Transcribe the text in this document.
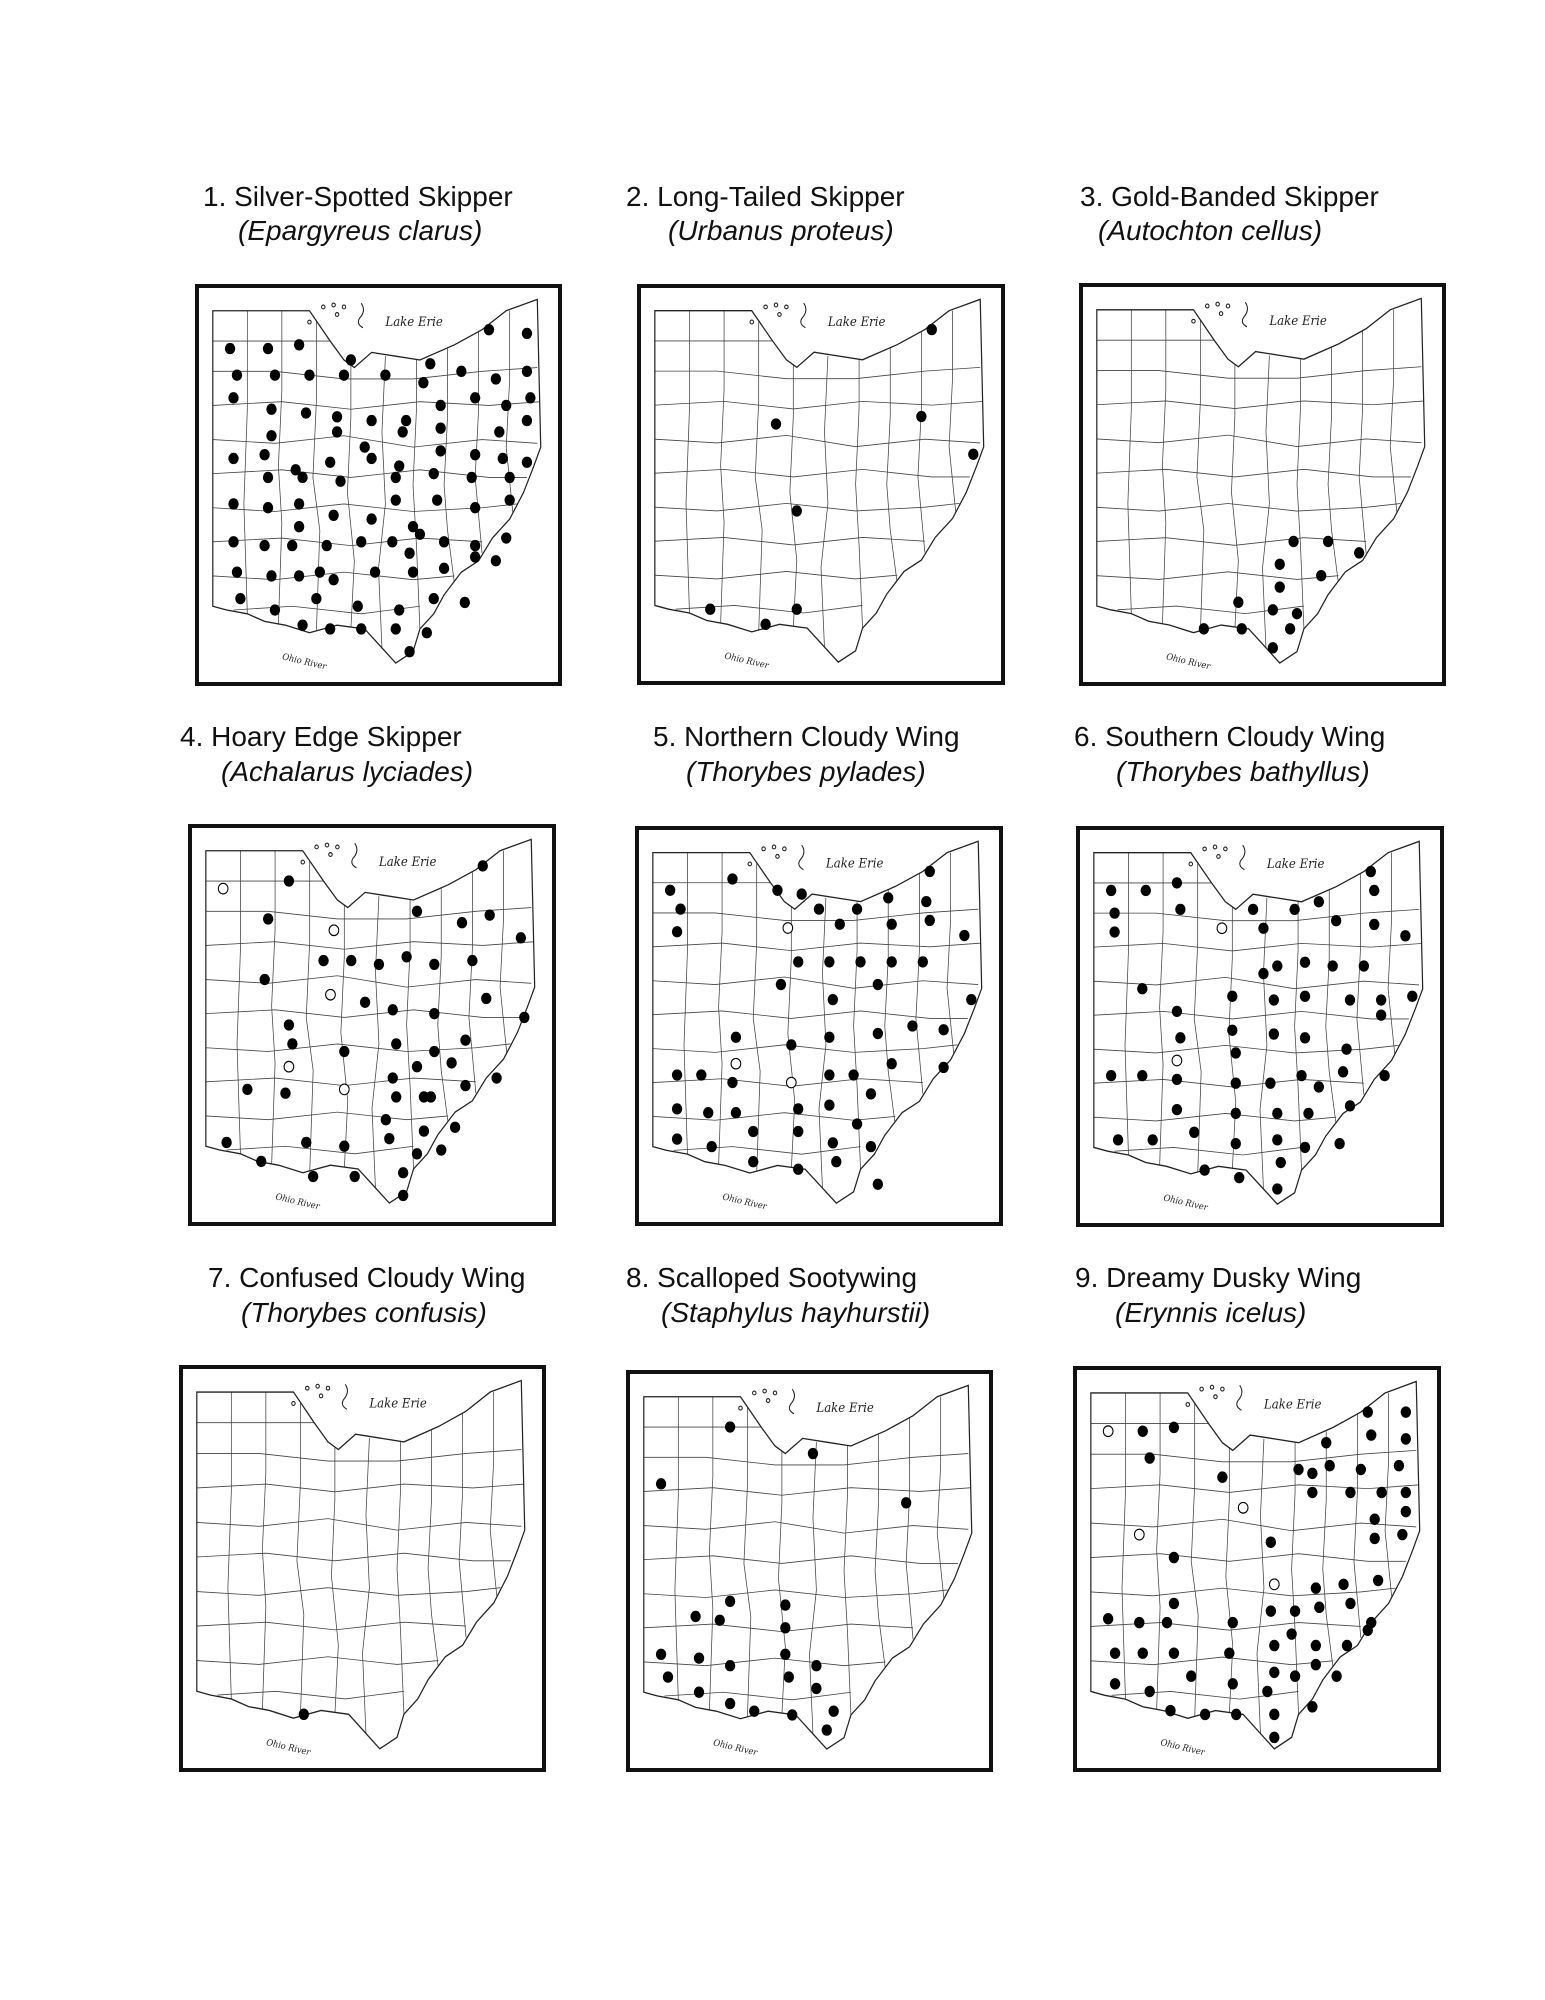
1. Silver-Spotted Skipper
(Epargyreus clarus)
Lake Erie
Ohio River
2. Long-Tailed Skipper
(Urbanus proteus)
Lake Erie
Ohio River
3. Gold-Banded Skipper
(Autochton cellus)
Lake Erie
Ohio River
4. Hoary Edge Skipper
(Achalarus lyciades)
Lake Erie
Ohio River
5. Northern Cloudy Wing
(Thorybes pylades)
Lake Erie
Ohio River
6. Southern Cloudy Wing
(Thorybes bathyllus)
Lake Erie
Ohio River
7. Confused Cloudy Wing
(Thorybes confusis)
Lake Erie
Ohio River
8. Scalloped Sootywing
(Staphylus hayhurstii)
Lake Erie
Ohio River
9. Dreamy Dusky Wing
(Erynnis icelus)
Lake Erie
Ohio River
